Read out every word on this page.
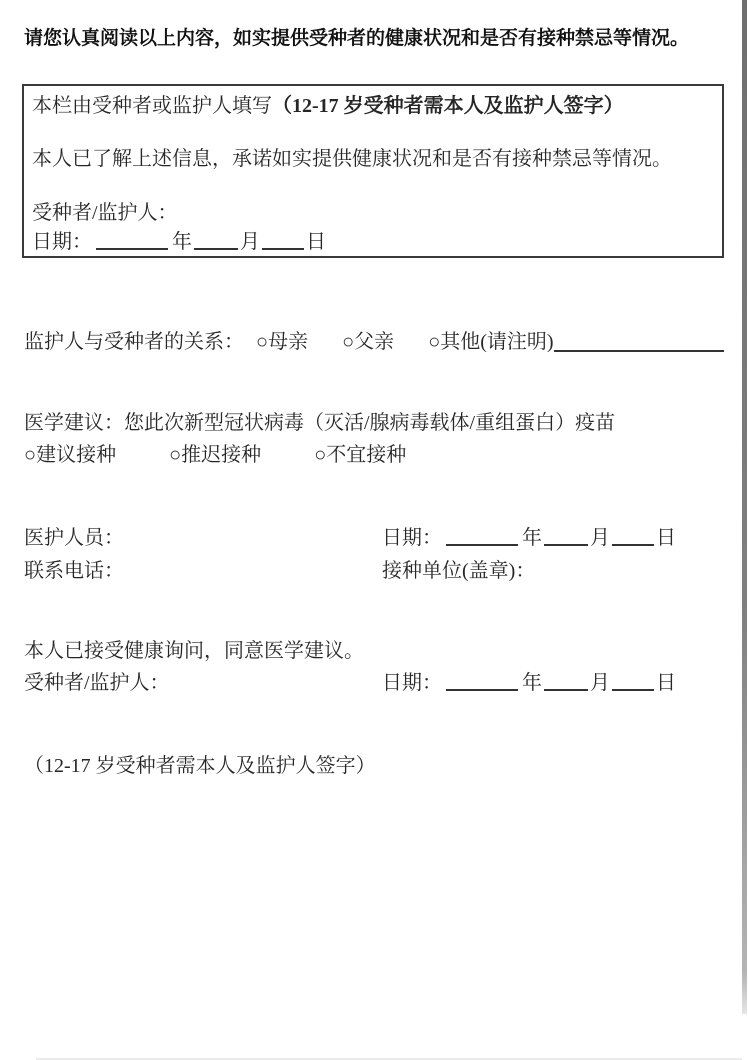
请您认真阅读以上内容，如实提供受种者的健康状况和是否有接种禁忌等情况。
本栏由受种者或监护人填写（12-17 岁受种者需本人及监护人签字）
本人已了解上述信息，承诺如实提供健康状况和是否有接种禁忌等情况。
受种者/监护人：
日期：	年 月 日
监护人与受种者的关系： ○母亲 ○父亲 ○其他(请注明)
医学建议：您此次新型冠状病毒（灭活/腺病毒载体/重组蛋白）疫苗
○建议接种	○推迟接种	○不宜接种
医护人员：	日期：	年 月 日
联系电话：	接种单位(盖章)：
本人已接受健康询问，同意医学建议。
受种者/监护人：	日期：	年 月 日
（12-17 岁受种者需本人及监护人签字）
